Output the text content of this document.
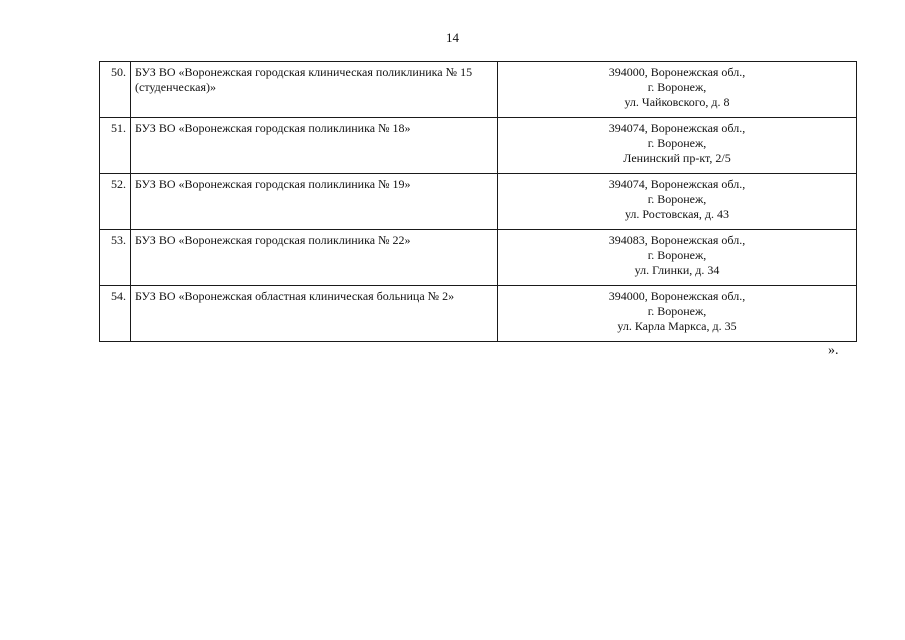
14
50.	БУЗ ВО «Воронежская городская клиническая поликлиника № 15 (студенческая)»	394000, Воронежская обл.,
г. Воронеж,
ул. Чайковского, д. 8

51.	БУЗ ВО «Воронежская городская поликлиника № 18»	394074, Воронежская обл.,
г. Воронеж,
Ленинский пр-кт, 2/5

52.	БУЗ ВО «Воронежская городская поликлиника № 19»	394074, Воронежская обл.,
г. Воронеж,
ул. Ростовская, д. 43

53.	БУЗ ВО «Воронежская городская поликлиника № 22»	394083, Воронежская обл.,
г. Воронеж,
ул. Глинки, д. 34

54.	БУЗ ВО «Воронежская областная клиническая больница № 2»	394000, Воронежская обл.,
г. Воронеж,
ул. Карла Маркса, д. 35
».
